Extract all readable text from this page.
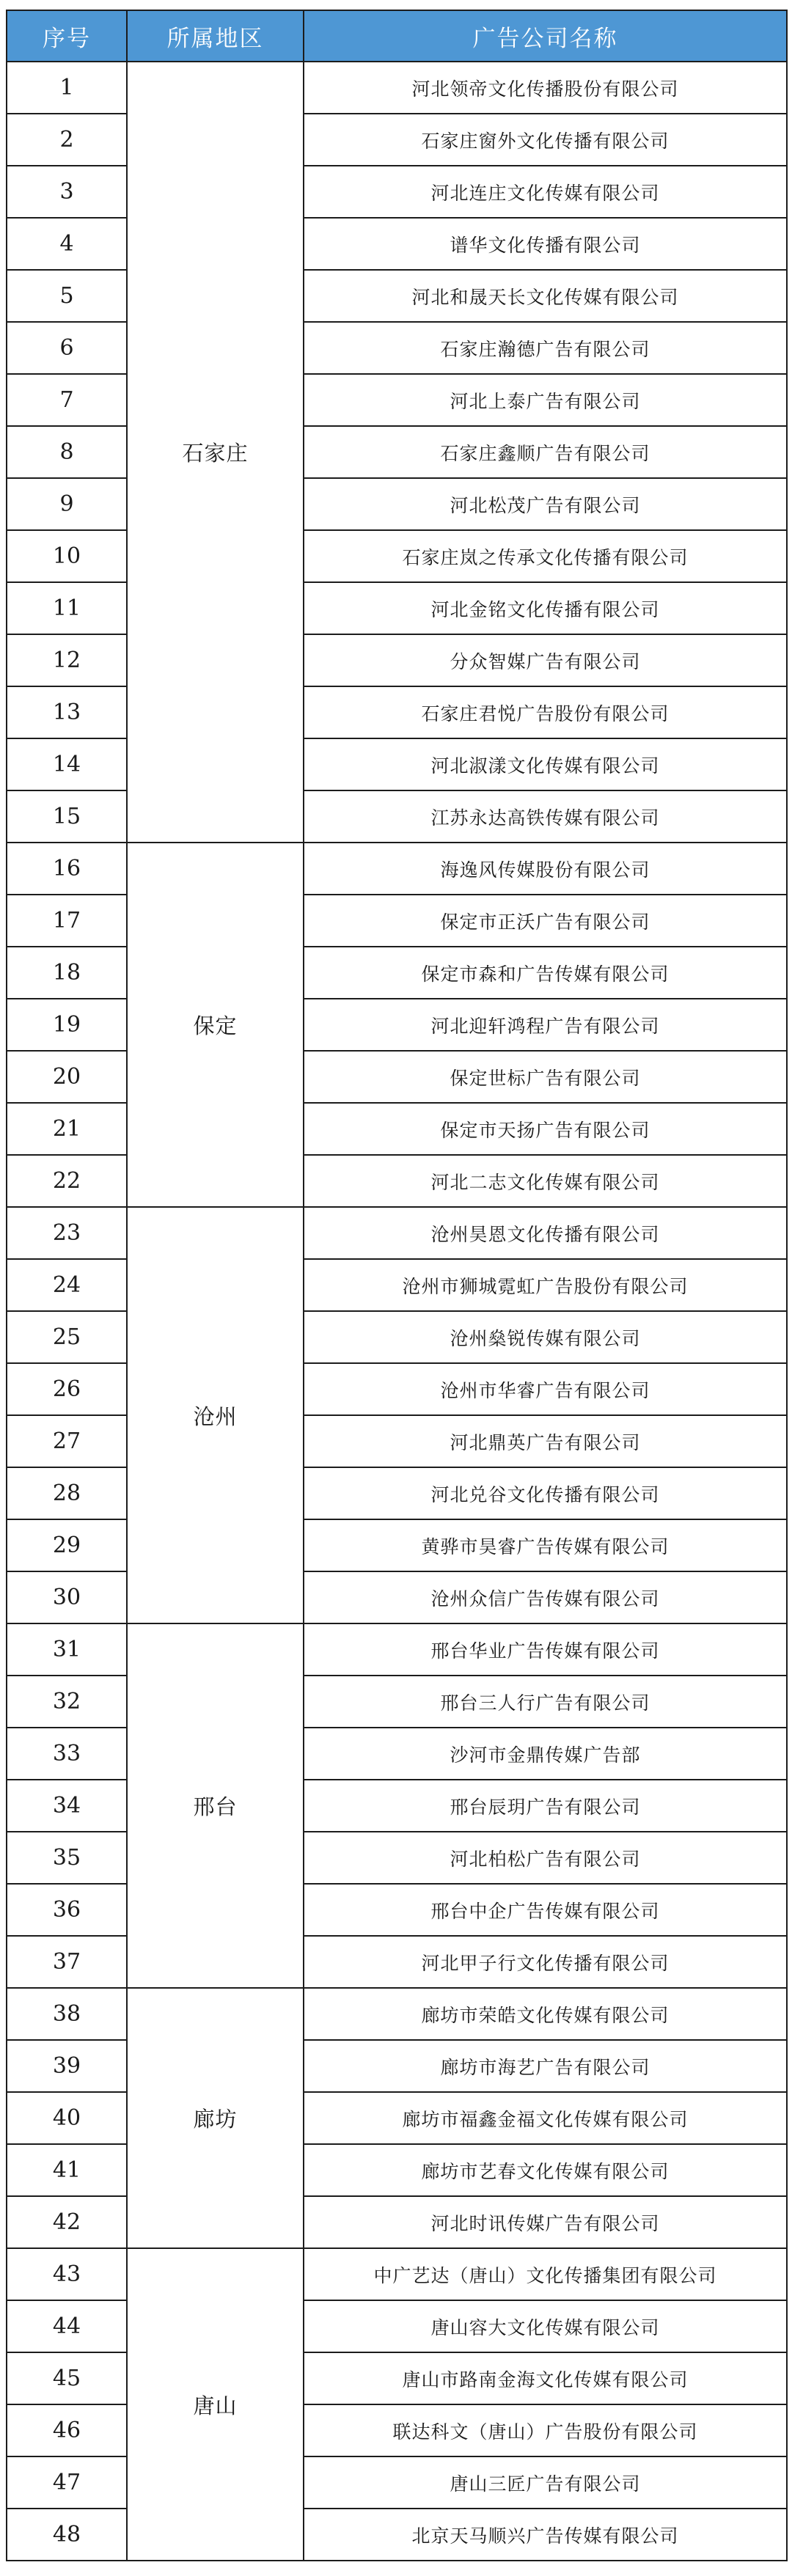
序号	所属地区	广告公司名称
1	石家庄	河北领帝文化传播股份有限公司
2		石家庄窗外文化传播有限公司
3		河北连庄文化传媒有限公司
4		谱华文化传播有限公司
5		河北和晟天长文化传媒有限公司
6		石家庄瀚德广告有限公司
7		河北上泰广告有限公司
8		石家庄鑫顺广告有限公司
9		河北松茂广告有限公司
10		石家庄岚之传承文化传播有限公司
11		河北金铭文化传播有限公司
12		分众智媒广告有限公司
13		石家庄君悦广告股份有限公司
14		河北淑漾文化传媒有限公司
15		江苏永达高铁传媒有限公司
16	保定	海逸风传媒股份有限公司
17		保定市正沃广告有限公司
18		保定市森和广告传媒有限公司
19		河北迎轩鸿程广告有限公司
20		保定世标广告有限公司
21		保定市天扬广告有限公司
22		河北二志文化传媒有限公司
23	沧州	沧州昊恩文化传播有限公司
24		沧州市狮城霓虹广告股份有限公司
25		沧州燊锐传媒有限公司
26		沧州市华睿广告有限公司
27		河北鼎英广告有限公司
28		河北兑谷文化传播有限公司
29		黄骅市昊睿广告传媒有限公司
30		沧州众信广告传媒有限公司
31	邢台	邢台华业广告传媒有限公司
32		邢台三人行广告有限公司
33		沙河市金鼎传媒广告部
34		邢台辰玥广告有限公司
35		河北柏松广告有限公司
36		邢台中企广告传媒有限公司
37		河北甲子行文化传播有限公司
38	廊坊	廊坊市荣皓文化传媒有限公司
39		廊坊市海艺广告有限公司
40		廊坊市福鑫金福文化传媒有限公司
41		廊坊市艺春文化传媒有限公司
42		河北时讯传媒广告有限公司
43	唐山	中广艺达（唐山）文化传播集团有限公司
44		唐山容大文化传媒有限公司
45		唐山市路南金海文化传媒有限公司
46		联达科文（唐山）广告股份有限公司
47		唐山三匠广告有限公司
48		北京天马顺兴广告传媒有限公司
